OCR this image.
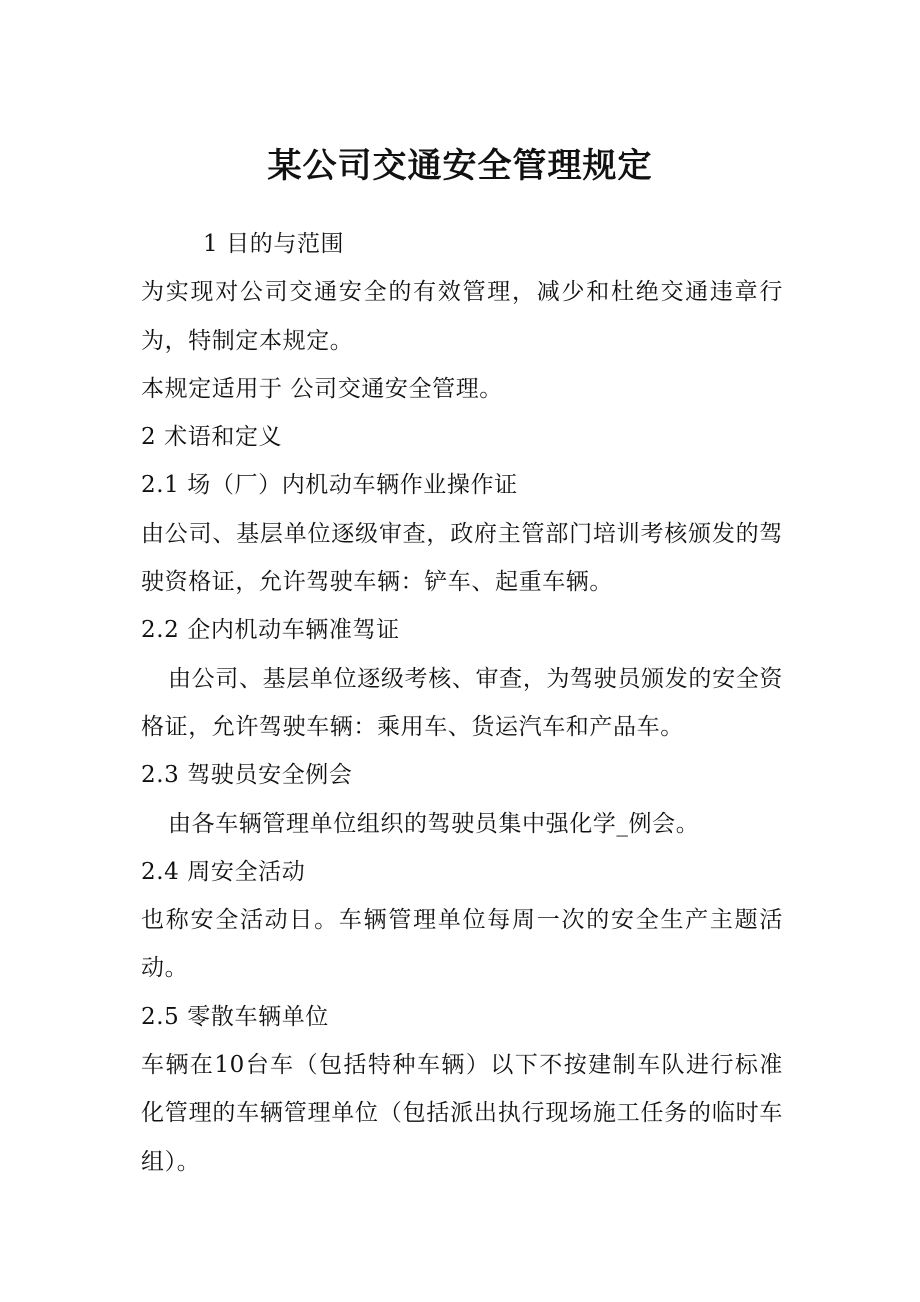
某公司交通安全管理规定

1 目的与范围

为实现对公司交通安全的有效管理，减少和杜绝交通违章行为，特制定本规定。

本规定适用于 公司交通安全管理。

2 术语和定义

2.1 场（厂）内机动车辆作业操作证

由公司、基层单位逐级审查，政府主管部门培训考核颁发的驾驶资格证，允许驾驶车辆：铲车、起重车辆。

2.2 企内机动车辆准驾证

由公司、基层单位逐级考核、审查，为驾驶员颁发的安全资格证，允许驾驶车辆：乘用车、货运汽车和产品车。

2.3 驾驶员安全例会

由各车辆管理单位组织的驾驶员集中强化学_例会。

2.4 周安全活动

也称安全活动日。车辆管理单位每周一次的安全生产主题活动。

2.5 零散车辆单位

车辆在10台车（包括特种车辆）以下不按建制车队进行标准化管理的车辆管理单位（包括派出执行现场施工任务的临时车组）。
